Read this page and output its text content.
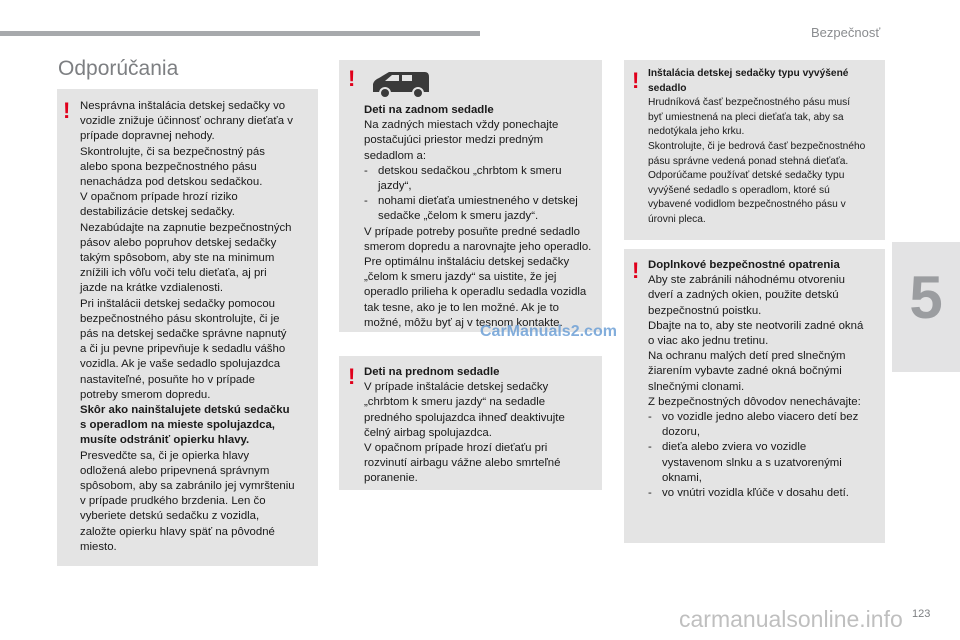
Bezpečnosť
5
Odporúčania
! Nesprávna inštalácia detskej sedačky vo

vozidle znižuje účinnosť ochrany dieťaťa v

prípade dopravnej nehody.

Skontrolujte, či sa bezpečnostný pás

alebo spona bezpečnostného pásu

nenachádza pod detskou sedačkou.

V opačnom prípade hrozí riziko

destabilizácie detskej sedačky.

Nezabúdajte na zapnutie bezpečnostných

pásov alebo popruhov detskej sedačky

takým spôsobom, aby ste na minimum

znížili ich vôľu voči telu dieťaťa, aj pri

jazde na krátke vzdialenosti.

Pri inštalácii detskej sedačky pomocou

bezpečnostného pásu skontrolujte, či je

pás na detskej sedačke správne napnutý

a či ju pevne pripevňuje k sedadlu vášho

vozidla. Ak je vaše sedadlo spolujazdca

nastaviteľné, posuňte ho v prípade

potreby smerom dopredu.

Skôr ako nainštalujete detskú sedačku

s operadlom na mieste spolujazdca,

musíte odstrániť opierku hlavy.

Presvedčte sa, či je opierka hlavy

odložená alebo pripevnená správnym

spôsobom, aby sa zabránilo jej vymršteniu

v prípade prudkého brzdenia. Len čo

vyberiete detskú sedačku z vozidla,

založte opierku hlavy späť na pôvodné

miesto.

!

Deti na zadnom sedadle

Na zadných miestach vždy ponechajte

postačujúci priestor medzi predným

sedadlom a:

- detskou sedačkou „chrbtom k smeru
jazdy“,

- nohami dieťaťa umiestneného v detskej
sedačke „čelom k smeru jazdy“.

V prípade potreby posuňte predné sedadlo

smerom dopredu a narovnajte jeho operadlo.

Pre optimálnu inštaláciu detskej sedačky

„čelom k smeru jazdy“ sa uistite, že jej

operadlo prilieha k operadlu sedadla vozidla

tak tesne, ako je to len možné. Ak je to

možné, môžu byť aj v tesnom kontakte.

! Deti na prednom sedadle

V prípade inštalácie detskej sedačky

„chrbtom k smeru jazdy“ na sedadle

predného spolujazdca ihneď deaktivujte

čelný airbag spolujazdca.

V opačnom prípade hrozí dieťaťu pri

rozvinutí airbagu vážne alebo smrteľné

poranenie.

! Inštalácia detskej sedačky typu vyvýšené

sedadlo

Hrudníková časť bezpečnostného pásu musí

byť umiestnená na pleci dieťaťa tak, aby sa

nedotýkala jeho krku.

Skontrolujte, či je bedrová časť bezpečnostného

pásu správne vedená ponad stehná dieťaťa.

Odporúčame používať detské sedačky typu

vyvýšené sedadlo s operadlom, ktoré sú

vybavené vodidlom bezpečnostného pásu v

úrovni pleca.

! Doplnkové bezpečnostné opatrenia

Aby ste zabránili náhodnému otvoreniu

dverí a zadných okien, použite detskú

bezpečnostnú poistku.

Dbajte na to, aby ste neotvorili zadné okná

o viac ako jednu tretinu.

Na ochranu malých detí pred slnečným

žiarením vybavte zadné okná bočnými

slnečnými clonami.

Z bezpečnostných dôvodov nenechávajte:

- vo vozidle jedno alebo viacero detí bez
dozoru,

- dieťa alebo zviera vo vozidle
vystavenom slnku a s uzatvorenými
oknami,

- vo vnútri vozidla kľúče v dosahu detí.

123
CarManuals2.com
carmanualsonline.info
